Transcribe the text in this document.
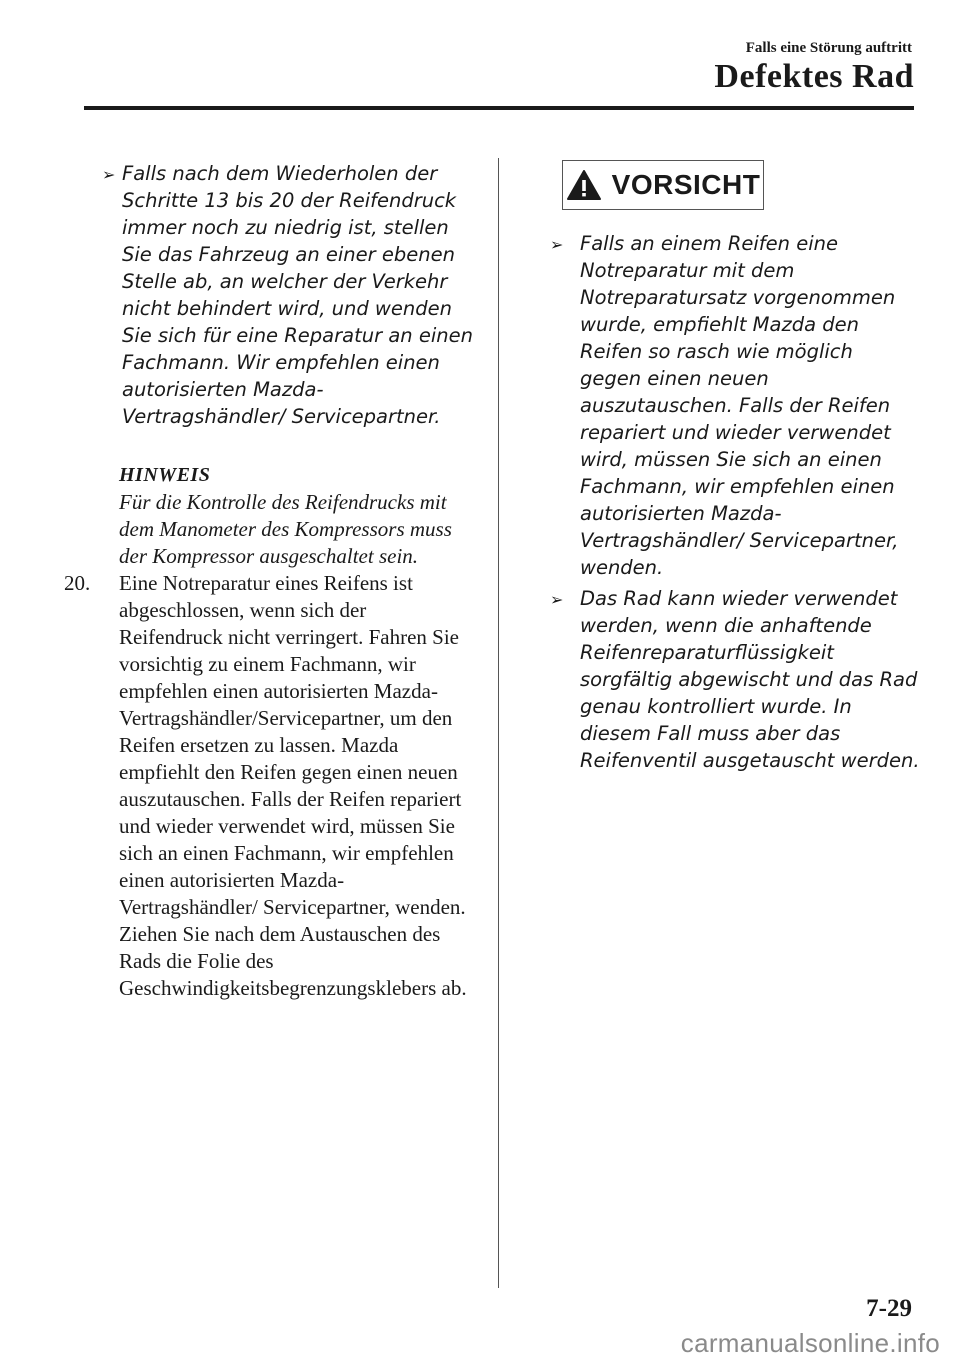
Falls eine Störung auftritt
Defektes Rad
➢ Falls nach dem Wiederholen der Schritte 13 bis 20 der Reifendruck immer noch zu niedrig ist, stellen Sie das Fahrzeug an einer ebenen Stelle ab, an welcher der Verkehr nicht behindert wird, und wenden Sie sich für eine Reparatur an einen Fachmann. Wir empfehlen einen autorisierten Mazda-Vertragshändler/ Servicepartner.
HINWEIS
Für die Kontrolle des Reifendrucks mit dem Manometer des Kompressors muss der Kompressor ausgeschaltet sein.
20. Eine Notreparatur eines Reifens ist abgeschlossen, wenn sich der Reifendruck nicht verringert. Fahren Sie vorsichtig zu einem Fachmann, wir empfehlen einen autorisierten Mazda-Vertragshändler/Servicepartner, um den Reifen ersetzen zu lassen. Mazda empfiehlt den Reifen gegen einen neuen auszutauschen. Falls der Reifen repariert und wieder verwendet wird, müssen Sie sich an einen Fachmann, wir empfehlen einen autorisierten Mazda-Vertragshändler/ Servicepartner, wenden.
Ziehen Sie nach dem Austauschen des Rads die Folie des Geschwindigkeitsbegrenzungsklebers ab.
VORSICHT
➢ Falls an einem Reifen eine Notreparatur mit dem Notreparatursatz vorgenommen wurde, empfiehlt Mazda den Reifen so rasch wie möglich gegen einen neuen auszutauschen. Falls der Reifen repariert und wieder verwendet wird, müssen Sie sich an einen Fachmann, wir empfehlen einen autorisierten Mazda-Vertragshändler/ Servicepartner, wenden.
➢ Das Rad kann wieder verwendet werden, wenn die anhaftende Reifenreparaturflüssigkeit sorgfältig abgewischt und das Rad genau kontrolliert wurde. In diesem Fall muss aber das Reifenventil ausgetauscht werden.
7-29
carmanualsonline.info
